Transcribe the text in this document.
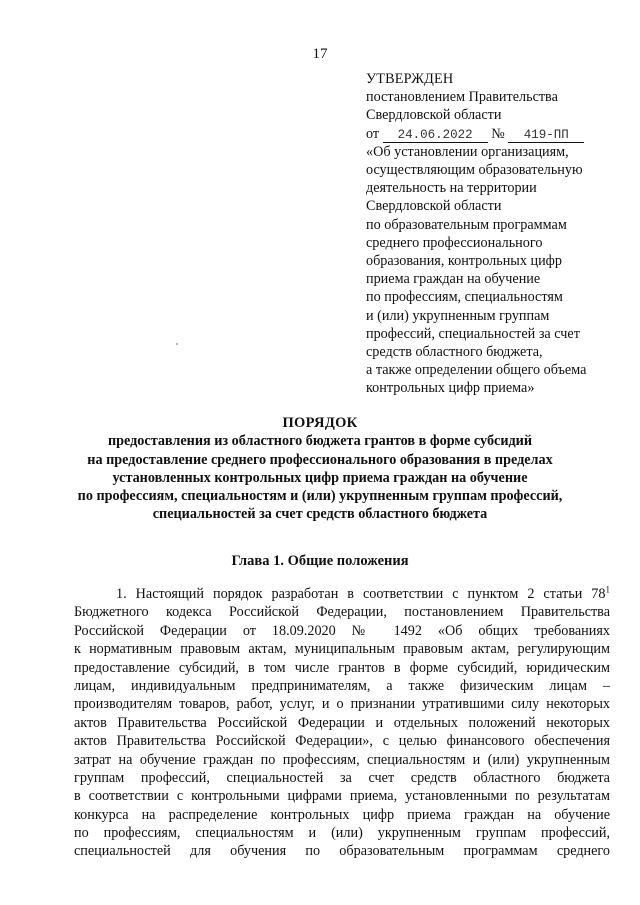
17
УТВЕРЖДЕН
постановлением Правительства
Свердловской области
от 24.06.2022 № 419-ПП
«Об установлении организациям,
осуществляющим образовательную
деятельность на территории
Свердловской области
по образовательным программам
среднего профессионального
образования, контрольных цифр
приема граждан на обучение
по профессиям, специальностям
и (или) укрупненным группам
профессий, специальностей за счет
средств областного бюджета,
а также определении общего объема
контрольных цифр приема»
ПОРЯДОК
предоставления из областного бюджета грантов в форме субсидий
на предоставление среднего профессионального образования в пределах
установленных контрольных цифр приема граждан на обучение
по профессиям, специальностям и (или) укрупненным группам профессий,
специальностей за счет средств областного бюджета
Глава 1. Общие положения
1. Настоящий порядок разработан в соответствии с пунктом 2 статьи $78^1$
Бюджетного кодекса Российской Федерации, постановлением Правительства
Российской Федерации от 18.09.2020 № 1492 «Об общих требованиях
к нормативным правовым актам, муниципальным правовым актам, регулирующим
предоставление субсидий, в том числе грантов в форме субсидий, юридическим
лицам, индивидуальным предпринимателям, а также физическим лицам –
производителям товаров, работ, услуг, и о признании утратившими силу некоторых
актов Правительства Российской Федерации и отдельных положений некоторых
актов Правительства Российской Федерации», с целью финансового обеспечения
затрат на обучение граждан по профессиям, специальностям и (или) укрупненным
группам профессий, специальностей за счет средств областного бюджета
в соответствии с контрольными цифрами приема, установленными по результатам
конкурса на распределение контрольных цифр приема граждан на обучение
по профессиям, специальностям и (или) укрупненным группам профессий,
специальностей для обучения по образовательным программам среднего
